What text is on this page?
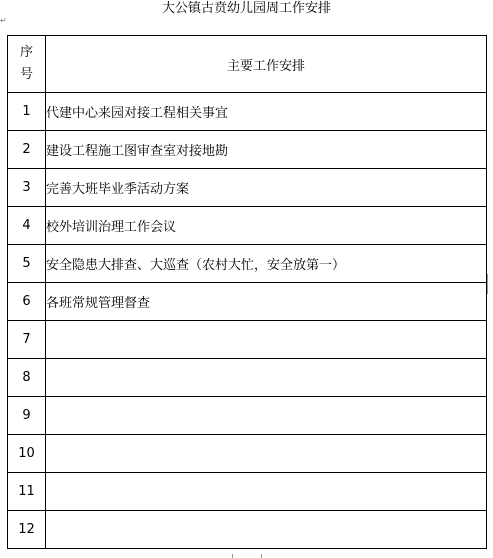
大公镇古贲幼儿园周工作安排
↵
序
号	主要工作安排
1	代建中心来园对接工程相关事宜
2	建设工程施工图审查室对接地勘
3	完善大班毕业季活动方案
4	校外培训治理工作会议
5	安全隐患大排查、大巡查（农村大忙，安全放第一）
6	各班常规管理督查
7	
8	
9	
10	
11	
12	
